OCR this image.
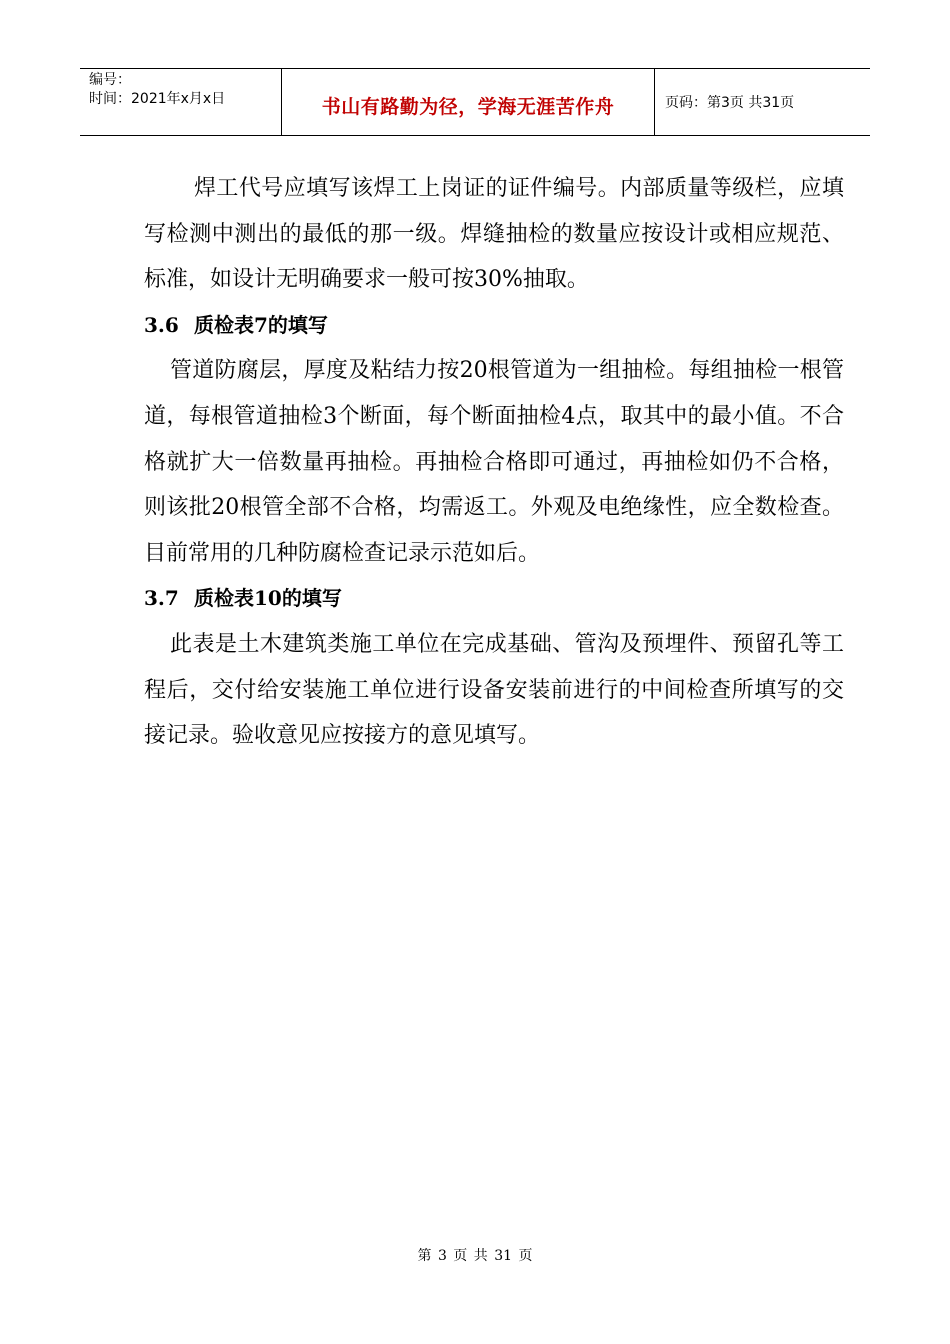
编号：
时间：2021年x月x日	书山有路勤为径，学海无涯苦作舟	页码：第3页 共31页

焊工代号应填写该焊工上岗证的证件编号。内部质量等级栏，应填写检测中测出的最低的那一级。焊缝抽检的数量应按设计或相应规范、标准，如设计无明确要求一般可按30%抽取。

3.6 质检表7的填写

管道防腐层，厚度及粘结力按20根管道为一组抽检。每组抽检一根管道，每根管道抽检3个断面，每个断面抽检4点，取其中的最小值。不合格就扩大一倍数量再抽检。再抽检合格即可通过，再抽检如仍不合格，则该批20根管全部不合格，均需返工。外观及电绝缘性，应全数检查。目前常用的几种防腐检查记录示范如后。

3.7 质检表10的填写

此表是土木建筑类施工单位在完成基础、管沟及预埋件、预留孔等工程后，交付给安装施工单位进行设备安装前进行的中间检查所填写的交接记录。验收意见应按接方的意见填写。

第 3 页 共 31 页
